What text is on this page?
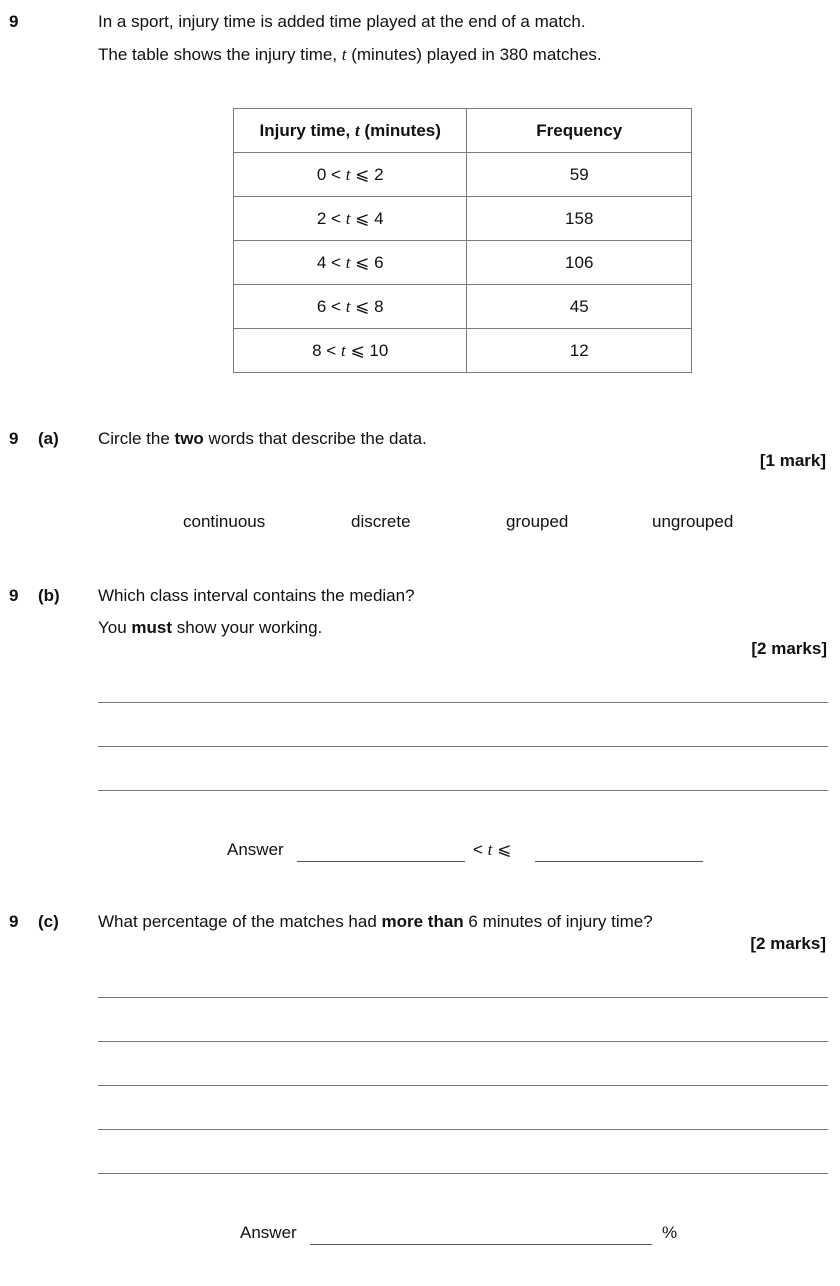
9	In a sport, injury time is added time played at the end of a match.
The table shows the injury time, t (minutes) played in 380 matches.
Injury time, t (minutes)	Frequency
0 < t ⩽ 2	59
2 < t ⩽ 4	158
4 < t ⩽ 6	106
6 < t ⩽ 8	45
8 < t ⩽ 10	12
9 (a) Circle the two words that describe the data.
[1 mark]
continuous	discrete	grouped	ungrouped
9 (b) Which class interval contains the median?
You must show your working.
[2 marks]
Answer	< t ⩽
9 (c) What percentage of the matches had more than 6 minutes of injury time?
[2 marks]
Answer	%
